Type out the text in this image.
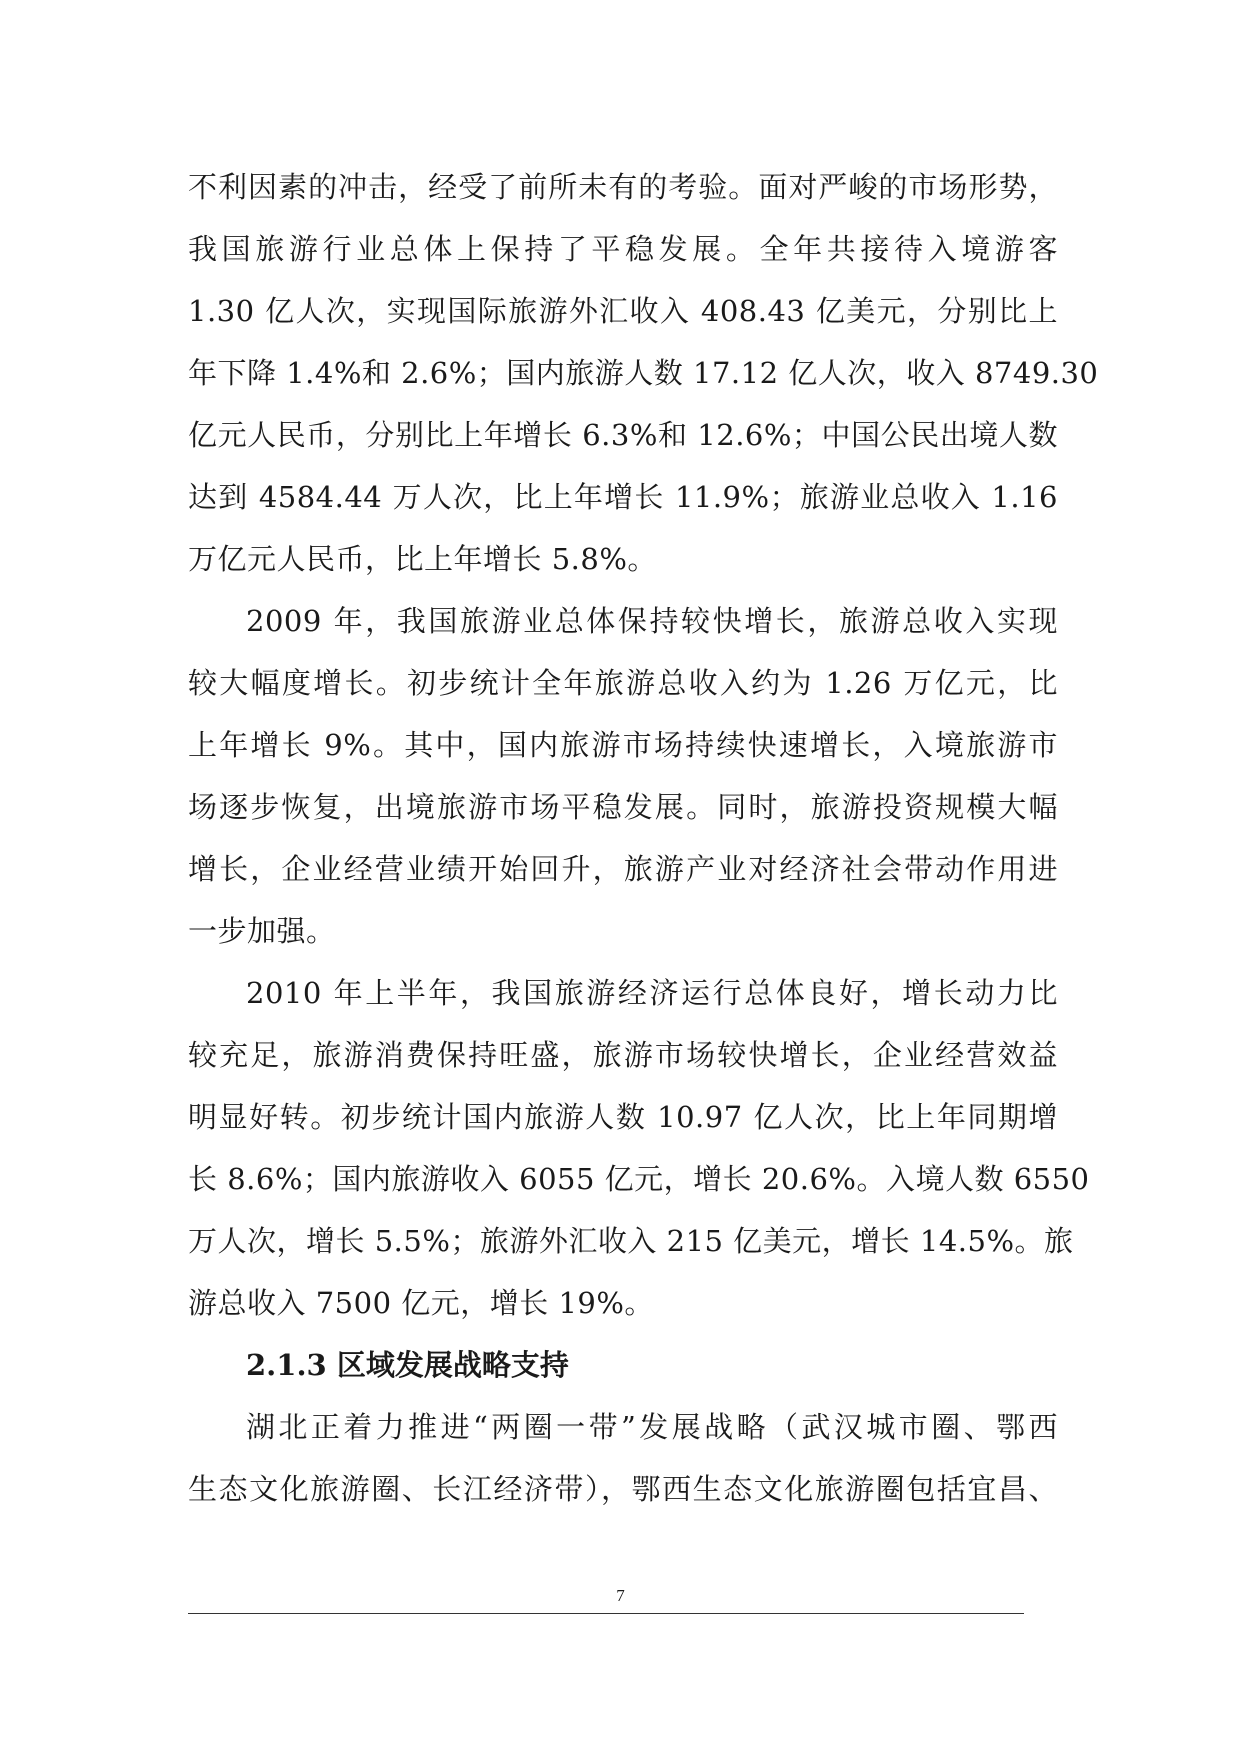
不利因素的冲击，经受了前所未有的考验。面对严峻的市场形势，
我国旅游行业总体上保持了平稳发展。全年共接待入境游客
1.30 亿人次，实现国际旅游外汇收入 408.43 亿美元，分别比上
年下降 1.4%和 2.6%；国内旅游人数 17.12 亿人次，收入 8749.30
亿元人民币，分别比上年增长 6.3%和 12.6%；中国公民出境人数
达到 4584.44 万人次，比上年增长 11.9%；旅游业总收入 1.16
万亿元人民币，比上年增长 5.8%。
2009 年，我国旅游业总体保持较快增长，旅游总收入实现
较大幅度增长。初步统计全年旅游总收入约为 1.26 万亿元，比
上年增长 9%。其中，国内旅游市场持续快速增长，入境旅游市
场逐步恢复，出境旅游市场平稳发展。同时，旅游投资规模大幅
增长，企业经营业绩开始回升，旅游产业对经济社会带动作用进
一步加强。
2010 年上半年，我国旅游经济运行总体良好，增长动力比
较充足，旅游消费保持旺盛，旅游市场较快增长，企业经营效益
明显好转。初步统计国内旅游人数 10.97 亿人次，比上年同期增
长 8.6%；国内旅游收入 6055 亿元，增长 20.6%。入境人数 6550
万人次，增长 5.5%；旅游外汇收入 215 亿美元，增长 14.5%。旅
游总收入 7500 亿元，增长 19%。
2.1.3 区域发展战略支持
湖北正着力推进“两圈一带”发展战略（武汉城市圈、鄂西
生态文化旅游圈、长江经济带），鄂西生态文化旅游圈包括宜昌、
7
